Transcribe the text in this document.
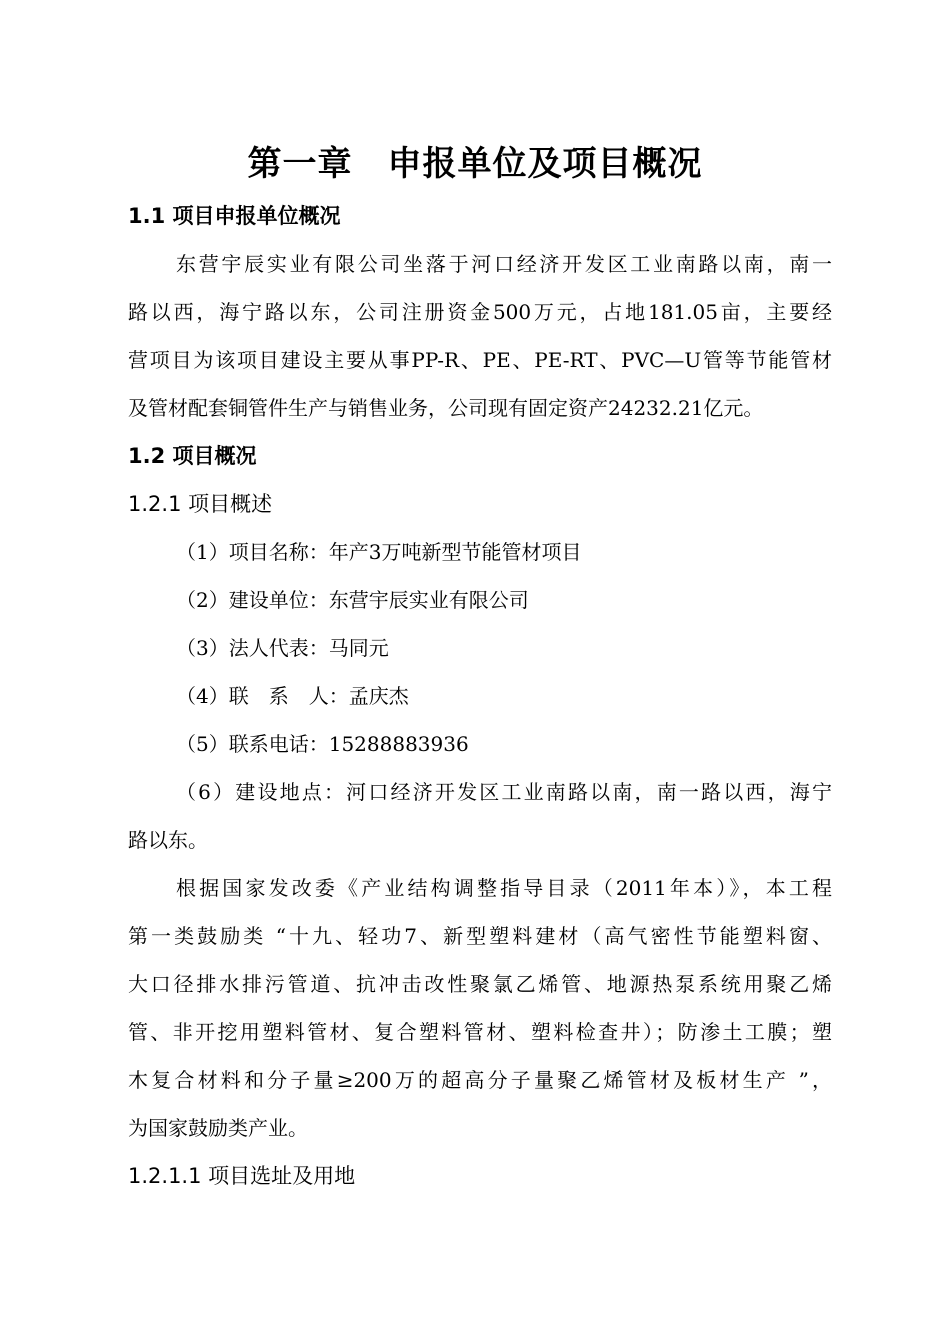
第一章　申报单位及项目概况
1.1 项目申报单位概况
东营宇辰实业有限公司坐落于河口经济开发区工业南路以南，南一
路以西，海宁路以东，公司注册资金500万元，占地181.05亩，主要经
营项目为该项目建设主要从事PP-R、PE、PE-RT、PVC—U管等节能管材
及管材配套铜管件生产与销售业务，公司现有固定资产24232.21亿元。
1.2 项目概况
1.2.1 项目概述
（1）项目名称：年产3万吨新型节能管材项目
（2）建设单位：东营宇辰实业有限公司
（3）法人代表：马同元
（4）联　系　人：孟庆杰
（5）联系电话：15288883936
（6）建设地点：河口经济开发区工业南路以南，南一路以西，海宁
路以东。
根据国家发改委《产业结构调整指导目录（2011年本）》，本工程
第一类鼓励类 “十九、轻功7、新型塑料建材（高气密性节能塑料窗、
大口径排水排污管道、抗冲击改性聚氯乙烯管、地源热泵系统用聚乙烯
管、非开挖用塑料管材、复合塑料管材、塑料检查井）；防渗土工膜；塑
木复合材料和分子量≥200万的超高分子量聚乙烯管材及板材生产 ”，
为国家鼓励类产业。
1.2.1.1 项目选址及用地
